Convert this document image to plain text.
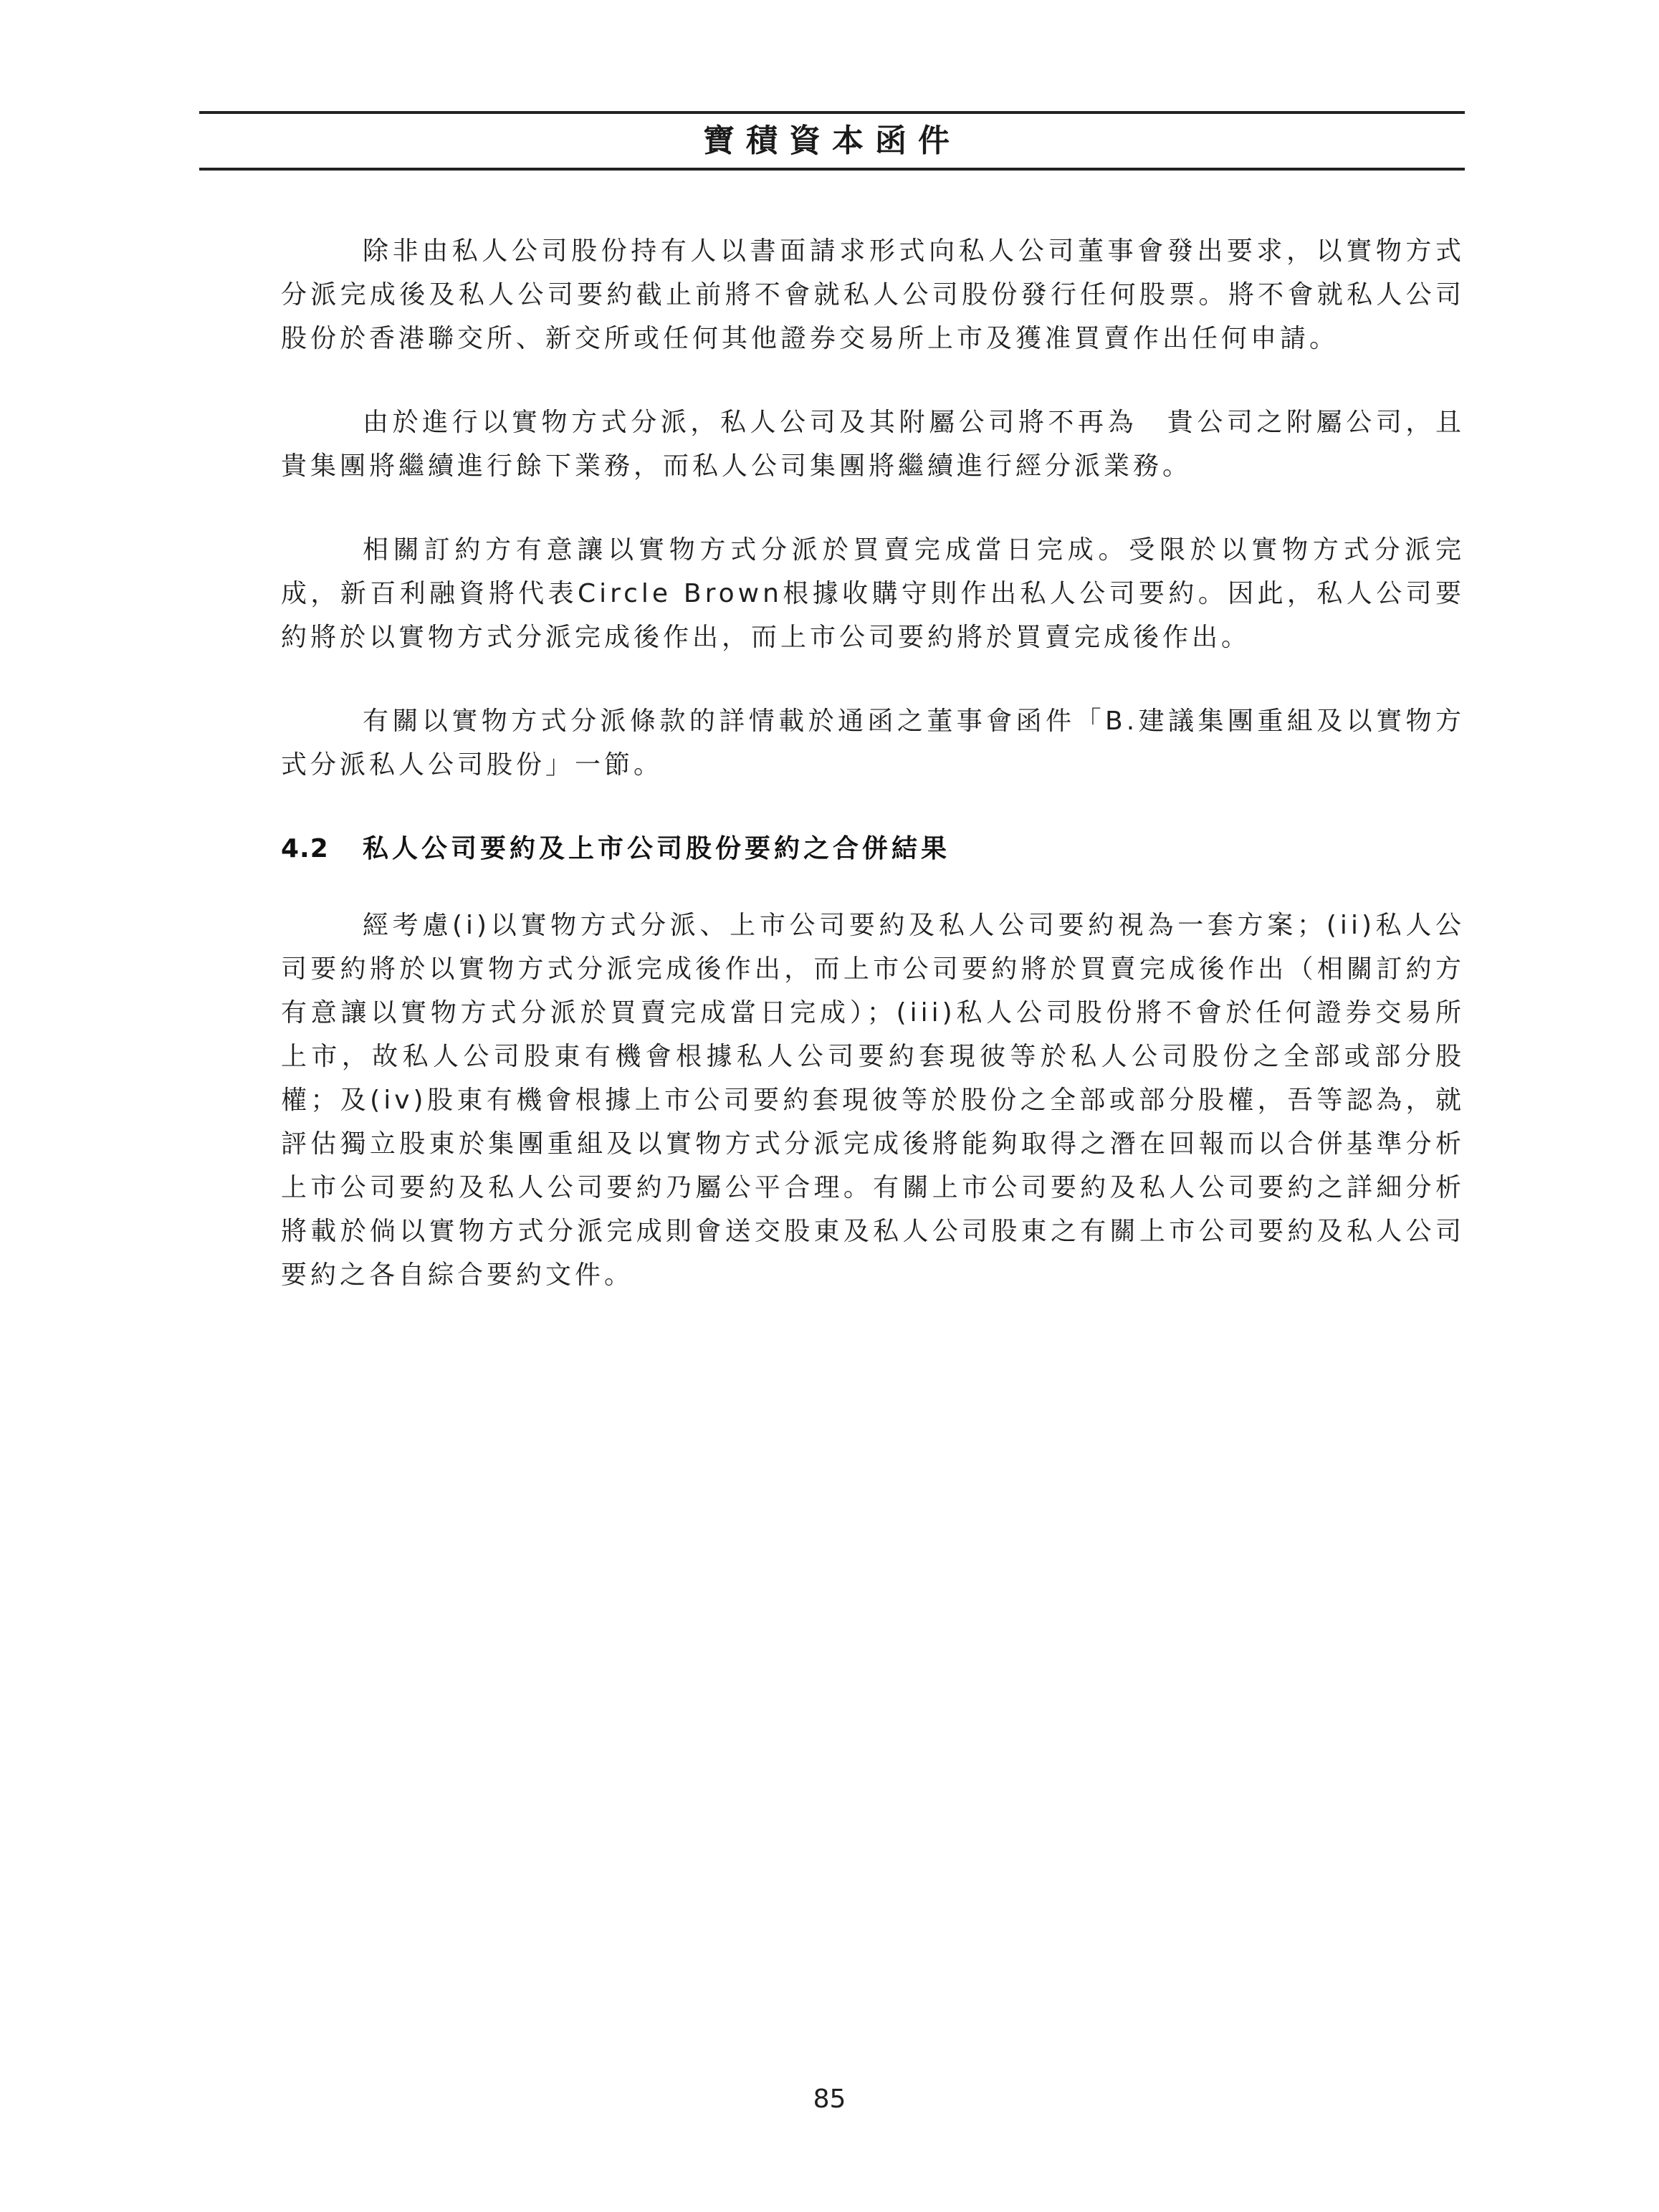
寶積資本函件

除非由私人公司股份持有人以書面請求形式向私人公司董事會發出要求，以實物方式分派完成後及私人公司要約截止前將不會就私人公司股份發行任何股票。將不會就私人公司股份於香港聯交所、新交所或任何其他證券交易所上市及獲准買賣作出任何申請。

由於進行以實物方式分派，私人公司及其附屬公司將不再為　貴公司之附屬公司，且　貴集團將繼續進行餘下業務，而私人公司集團將繼續進行經分派業務。

相關訂約方有意讓以實物方式分派於買賣完成當日完成。受限於以實物方式分派完成，新百利融資將代表Circle Brown根據收購守則作出私人公司要約。因此，私人公司要約將於以實物方式分派完成後作出，而上市公司要約將於買賣完成後作出。

有關以實物方式分派條款的詳情載於通函之董事會函件「B.建議集團重組及以實物方式分派私人公司股份」一節。

4.2 私人公司要約及上市公司股份要約之合併結果

經考慮(i)以實物方式分派、上市公司要約及私人公司要約視為一套方案；(ii)私人公司要約將於以實物方式分派完成後作出，而上市公司要約將於買賣完成後作出（相關訂約方有意讓以實物方式分派於買賣完成當日完成）；(iii)私人公司股份將不會於任何證券交易所上市，故私人公司股東有機會根據私人公司要約套現彼等於私人公司股份之全部或部分股權；及(iv)股東有機會根據上市公司要約套現彼等於股份之全部或部分股權，吾等認為，就評估獨立股東於集團重組及以實物方式分派完成後將能夠取得之潛在回報而以合併基準分析上市公司要約及私人公司要約乃屬公平合理。有關上市公司要約及私人公司要約之詳細分析將載於倘以實物方式分派完成則會送交股東及私人公司股東之有關上市公司要約及私人公司要約之各自綜合要約文件。

85
